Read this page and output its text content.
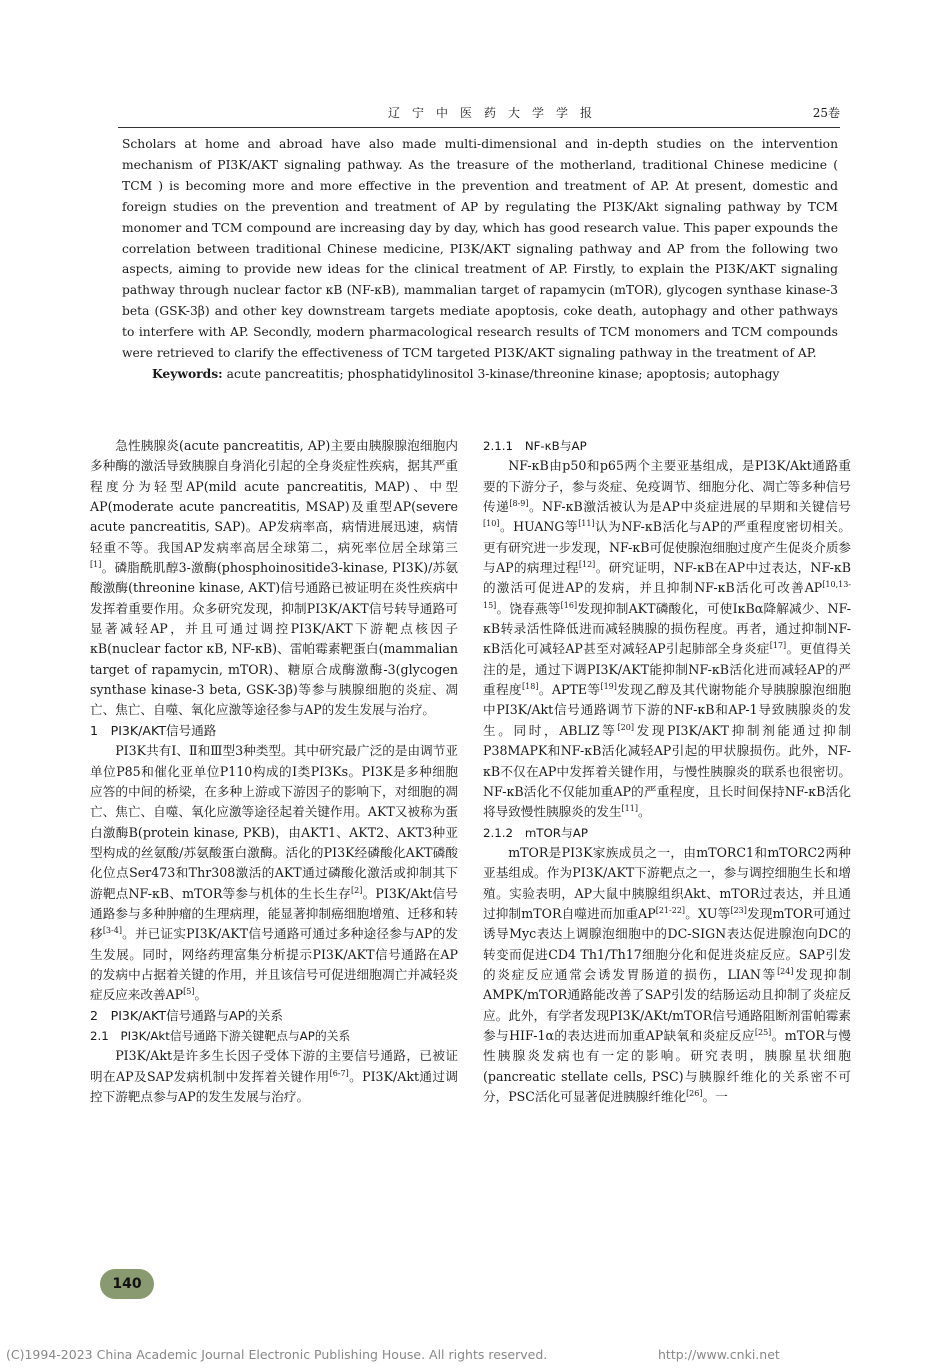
辽宁中医药大学学报	25卷

Scholars at home and abroad have also made multi-dimensional and in-depth studies on the intervention mechanism of PI3K/AKT signaling pathway. As the treasure of the motherland, traditional Chinese medicine ( TCM ) is becoming more and more effective in the prevention and treatment of AP. At present, domestic and foreign studies on the prevention and treatment of AP by regulating the PI3K/Akt signaling pathway by TCM monomer and TCM compound are increasing day by day, which has good research value. This paper expounds the correlation between traditional Chinese medicine, PI3K/AKT signaling pathway and AP from the following two aspects, aiming to provide new ideas for the clinical treatment of AP. Firstly, to explain the PI3K/AKT signaling pathway through nuclear factor κB (NF-κB), mammalian target of rapamycin (mTOR), glycogen synthase kinase-3 beta (GSK-3β) and other key downstream targets mediate apoptosis, coke death, autophagy and other pathways to interfere with AP. Secondly, modern pharmacological research results of TCM monomers and TCM compounds were retrieved to clarify the effectiveness of TCM targeted PI3K/AKT signaling pathway in the treatment of AP.

Keywords: acute pancreatitis; phosphatidylinositol 3-kinase/threonine kinase; apoptosis; autophagy

急性胰腺炎(acute pancreatitis, AP)主要由胰腺腺泡细胞内多种酶的激活导致胰腺自身消化引起的全身炎症性疾病，据其严重程度分为轻型AP(mild acute pancreatitis, MAP)、中型AP(moderate acute pancreatitis, MSAP)及重型AP(severe acute pancreatitis, SAP)。AP发病率高，病情进展迅速，病情轻重不等。我国AP发病率高居全球第二，病死率位居全球第三[1]。磷脂酰肌醇3-激酶(phosphoinositide3-kinase, PI3K)/苏氨酸激酶(threonine kinase, AKT)信号通路已被证明在炎性疾病中发挥着重要作用。众多研究发现，抑制PI3K/AKT信号转导通路可显著减轻AP，并且可通过调控PI3K/AKT下游靶点核因子κB(nuclear factor κB, NF-κB)、雷帕霉素靶蛋白(mammalian target of rapamycin, mTOR)、糖原合成酶激酶-3(glycogen synthase kinase-3 beta, GSK-3β)等参与胰腺细胞的炎症、凋亡、焦亡、自噬、氧化应激等途径参与AP的发生发展与治疗。

1　PI3K/AKT信号通路

PI3K共有Ⅰ、Ⅱ和Ⅲ型3种类型。其中研究最广泛的是由调节亚单位P85和催化亚单位P110构成的Ⅰ类PI3Ks。PI3K是多种细胞应答的中间的桥梁，在多种上游或下游因子的影响下，对细胞的凋亡、焦亡、自噬、氧化应激等途径起着关键作用。AKT又被称为蛋白激酶B(protein kinase, PKB)，由AKT1、AKT2、AKT3种亚型构成的丝氨酸/苏氨酸蛋白激酶。活化的PI3K经磷酸化AKT磷酸化位点Ser473和Thr308激活的AKT通过磷酸化激活或抑制其下游靶点NF-κB、mTOR等参与机体的生长生存[2]。PI3K/Akt信号通路参与多种肿瘤的生理病理，能显著抑制癌细胞增殖、迁移和转移[3-4]。并已证实PI3K/AKT信号通路可通过多种途径参与AP的发生发展。同时，网络药理富集分析提示PI3K/AKT信号通路在AP的发病中占据着关键的作用，并且该信号可促进细胞凋亡并减轻炎症反应来改善AP[5]。

2　PI3K/AKT信号通路与AP的关系
2.1　PI3K/Akt信号通路下游关键靶点与AP的关系

PI3K/Akt是许多生长因子受体下游的主要信号通路，已被证明在AP及SAP发病机制中发挥着关键作用[6-7]。PI3K/Akt通过调控下游靶点参与AP的发生发展与治疗。

2.1.1　NF-κB与AP

NF-κB由p50和p65两个主要亚基组成，是PI3K/Akt通路重要的下游分子，参与炎症、免疫调节、细胞分化、凋亡等多种信号传递[8-9]。NF-κB激活被认为是AP中炎症进展的早期和关键信号[10]。HUANG等[11]认为NF-κB活化与AP的严重程度密切相关。更有研究进一步发现，NF-κB可促使腺泡细胞过度产生促炎介质参与AP的病理过程[12]。研究证明，NF-κB在AP中过表达，NF-κB的激活可促进AP的发病，并且抑制NF-κB活化可改善AP[10,13-15]。饶春燕等[16]发现抑制AKT磷酸化，可使IκBα降解减少、NF-κB转录活性降低进而减轻胰腺的损伤程度。再者，通过抑制NF-κB活化可减轻AP甚至对减轻AP引起肺部全身炎症[17]。更值得关注的是，通过下调PI3K/AKT能抑制NF-κB活化进而减轻AP的严重程度[18]。APTE等[19]发现乙醇及其代谢物能介导胰腺腺泡细胞中PI3K/Akt信号通路调节下游的NF-κB和AP-1导致胰腺炎的发生。同时，ABLIZ等[20]发现PI3K/AKT抑制剂能通过抑制P38MAPK和NF-κB活化减轻AP引起的甲状腺损伤。此外，NF-κB不仅在AP中发挥着关键作用，与慢性胰腺炎的联系也很密切。NF-κB活化不仅能加重AP的严重程度，且长时间保持NF-κB活化将导致慢性胰腺炎的发生[11]。

2.1.2　mTOR与AP

mTOR是PI3K家族成员之一，由mTORC1和mTORC2两种亚基组成。作为PI3K/AKT下游靶点之一，参与调控细胞生长和增殖。实验表明，AP大鼠中胰腺组织Akt、mTOR过表达，并且通过抑制mTOR自噬进而加重AP[21-22]。XU等[23]发现mTOR可通过诱导Myc表达上调腺泡细胞中的DC-SIGN表达促进腺泡向DC的转变而促进CD4 Th1/Th17细胞分化和促进炎症反应。SAP引发的炎症反应通常会诱发胃肠道的损伤，LIAN等[24]发现抑制AMPK/mTOR通路能改善了SAP引发的结肠运动且抑制了炎症反应。此外，有学者发现PI3K/AKt/mTOR信号通路阻断剂雷帕霉素参与HIF-1α的表达进而加重AP缺氧和炎症反应[25]。mTOR与慢性胰腺炎发病也有一定的影响。研究表明，胰腺星状细胞(pancreatic stellate cells, PSC)与胰腺纤维化的关系密不可分，PSC活化可显著促进胰腺纤维化[26]。一

140
(C)1994-2023 China Academic Journal Electronic Publishing House. All rights reserved.	http://www.cnki.net
